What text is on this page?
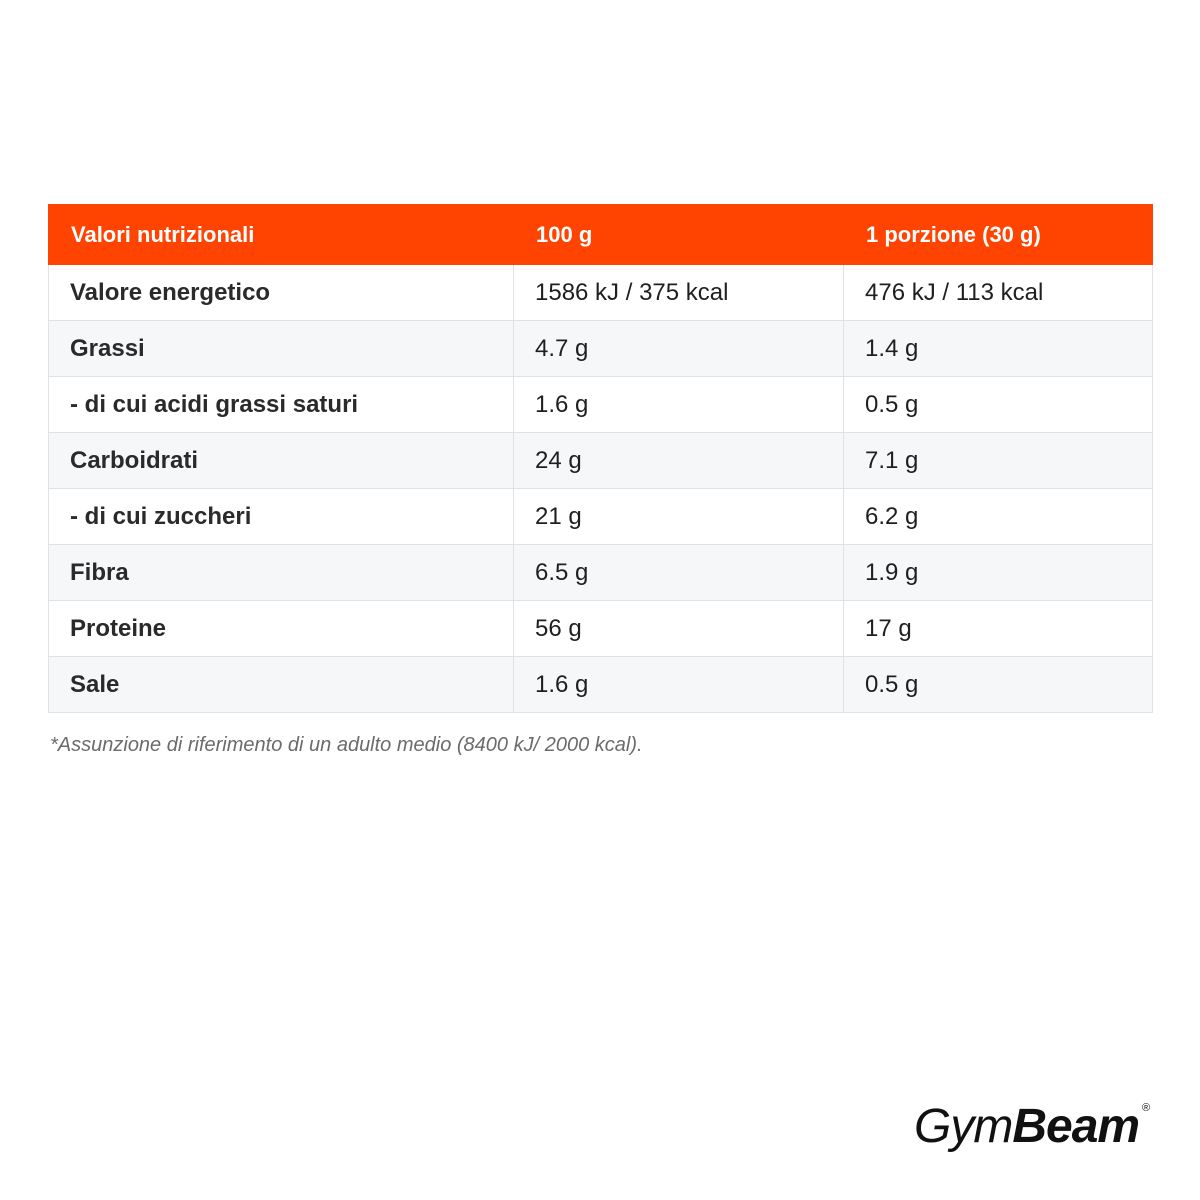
Valori nutrizionali	100 g	1 porzione (30 g)
Valore energetico	1586 kJ / 375 kcal	476 kJ / 113 kcal
Grassi	4.7 g	1.4 g
- di cui acidi grassi saturi	1.6 g	0.5 g
Carboidrati	24 g	7.1 g
- di cui zuccheri	21 g	6.2 g
Fibra	6.5 g	1.9 g
Proteine	56 g	17 g
Sale	1.6 g	0.5 g

*Assunzione di riferimento di un adulto medio (8400 kJ/ 2000 kcal).

GymBeam ®
